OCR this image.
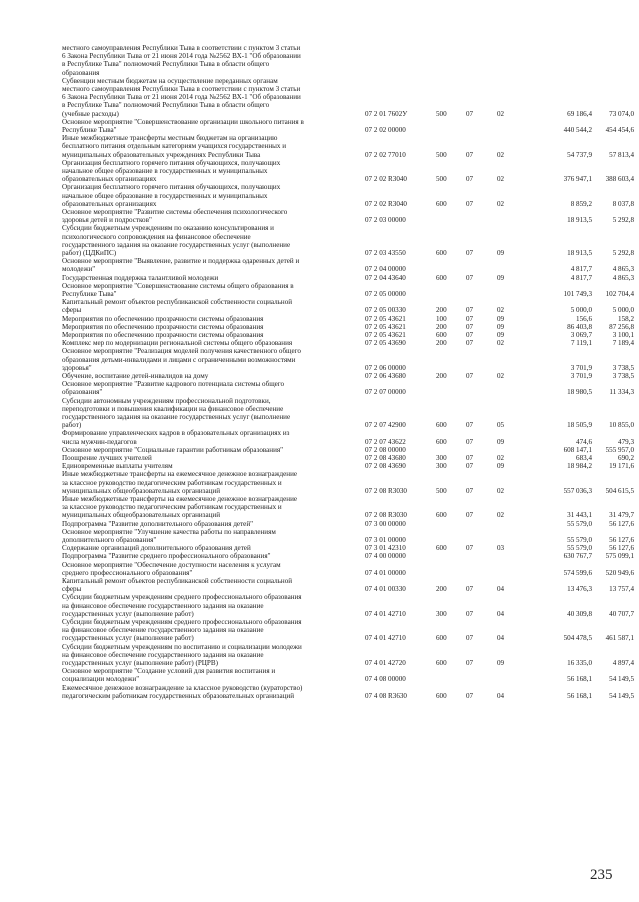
местного самоуправления Республики Тыва в соответствии с пунктом 3 статьи
6 Закона Республики Тыва от 21 июня 2014 года №2562 ВХ-1 "Об образовании
в Республике Тыва" полномочий Республики Тыва в области общего
образования
Субвенции местным бюджетам на осуществление переданных органам
местного самоуправления Республики Тыва в соответствии с пунктом 3 статьи
6 Закона Республики Тыва от 21 июня 2014 года №2562 ВХ-1 "Об образовании
в Республике Тыва" полномочий Республики Тыва в области общего
(учебные расходы)	07 2 01 7602У	500	07	02	69 186,4	73 074,0
Основное мероприятие "Совершенствование организации школьного питания в
Республике Тыва"	07 2 02 00000	440 544,2	454 454,6
Иные межбюджетные трансферты местным бюджетам на организацию
бесплатного питания отдельным категориям учащихся государственных и
муниципальных образовательных учреждениях Республики Тыва	07 2 02 77010	500	07	02	54 737,9	57 813,4
Организация бесплатного горячего питания обучающихся, получающих
начальное общее образование в государственных и муниципальных
образовательных организациях	07 2 02 R3040	500	07	02	376 947,1	388 603,4
Организация бесплатного горячего питания обучающихся, получающих
начальное общее образование в государственных и муниципальных
образовательных организациях	07 2 02 R3040	600	07	02	8 859,2	8 037,8
Основное мероприятие "Развитие системы обеспечения психологического
здоровья детей и подростков"	07 2 03 00000	18 913,5	5 292,8
Субсидии бюджетным учреждениям по оказанию консультирования и
психологического сопровождения на финансовое обеспечение
государственного задания на оказание государственных услуг (выполнение
работ) (ЦДКиПС)	07 2 03 43550	600	07	09	18 913,5	5 292,8
Основное мероприятие "Выявление, развитие и поддержка одаренных детей и
молодежи"	07 2 04 00000	4 817,7	4 865,3
Государственная поддержка талантливой молодежи	07 2 04 43640	600	07	09	4 817,7	4 865,3
Основное мероприятие "Совершенствование системы общего образования в
Республике Тыва"	07 2 05 00000	101 749,3	102 704,4
Капитальный ремонт объектов республиканской собственности социальной
сферы	07 2 05 00330	200	07	02	5 000,0	5 000,0
Мероприятия по обеспечению прозрачности системы образования	07 2 05 43621	100	07	09	156,6	158,2
Мероприятия по обеспечению прозрачности системы образования	07 2 05 43621	200	07	09	86 403,8	87 256,8
Мероприятия по обеспечению прозрачности системы образования	07 2 05 43621	600	07	09	3 069,7	3 100,1
Комплекс мер по модернизации региональной системы общего образования	07 2 05 43690	200	07	02	7 119,1	7 189,4
Основное мероприятие "Реализация моделей получения качественного общего
образования детьми-инвалидами и лицами с ограниченными возможностями
здоровья"	07 2 06 00000	3 701,9	3 738,5
Обучение, воспитание детей-инвалидов на дому	07 2 06 43680	200	07	02	3 701,9	3 738,5
Основное мероприятие "Развитие кадрового потенциала системы общего
образования"	07 2 07 00000	18 980,5	11 334,3
Субсидии автономным учреждениям профессиональной подготовки,
переподготовки и повышения квалификации на финансовое обеспечение
государственного задания на оказание государственных услуг (выполнение
работ)	07 2 07 42900	600	07	05	18 505,9	10 855,0
Формирование управленческих кадров в образовательных организациях из
числа мужчин-педагогов	07 2 07 43622	600	07	09	474,6	479,3
Основное мероприятие "Социальные гарантии работникам образования"	07 2 08 00000	608 147,1	555 957,0
Поощрение лучших учителей	07 2 08 43680	300	07	02	683,4	690,2
Единовременные выплаты учителям	07 2 08 43690	300	07	09	18 984,2	19 171,6
Иные межбюджетные трансферты на ежемесячное денежное вознаграждение
за классное руководство педагогическим работникам государственных и
муниципальных общеобразовательных организаций	07 2 08 R3030	500	07	02	557 036,3	504 615,5
Иные межбюджетные трансферты на ежемесячное денежное вознаграждение
за классное руководство педагогическим работникам государственных и
муниципальных общеобразовательных организаций	07 2 08 R3030	600	07	02	31 443,1	31 479,7
Подпрограмма "Развитие дополнительного образования детей"	07 3 00 00000	55 579,0	56 127,6
Основное мероприятие "Улучшение качества работы по направлениям
дополнительного образования"	07 3 01 00000	55 579,0	56 127,6
Содержание организаций дополнительного образования детей	07 3 01 42310	600	07	03	55 579,0	56 127,6
Подпрограмма "Развитие среднего профессионального образования"	07 4 00 00000	630 767,7	575 099,1
Основное мероприятие "Обеспечение доступности населения к услугам
среднего профессионального образования"	07 4 01 00000	574 599,6	520 949,6
Капитальный ремонт объектов республиканской собственности социальной
сферы	07 4 01 00330	200	07	04	13 476,3	13 757,4
Субсидии бюджетным учреждениям среднего профессионального образования
на финансовое обеспечение государственного задания на оказание
государственных услуг (выполнение работ)	07 4 01 42710	300	07	04	40 309,8	40 707,7
Субсидии бюджетным учреждениям среднего профессионального образования
на финансовое обеспечение государственного задания на оказание
государственных услуг (выполнение работ)	07 4 01 42710	600	07	04	504 478,5	461 587,1
Субсидии бюджетным учреждениям по воспитанию и социализации молодежи
на финансовое обеспечение государственного задания на оказание
государственных услуг (выполнение работ) (РЦРВ)	07 4 01 42720	600	07	09	16 335,0	4 897,4
Основное мероприятие "Создание условий для развития воспитания и
социализации молодежи"	07 4 08 00000	56 168,1	54 149,5
Ежемесячное денежное вознаграждение за классное руководство (кураторство)
педагогическим работникам государственных образовательных организаций	07 4 08 R3630	600	07	04	56 168,1	54 149,5
235
